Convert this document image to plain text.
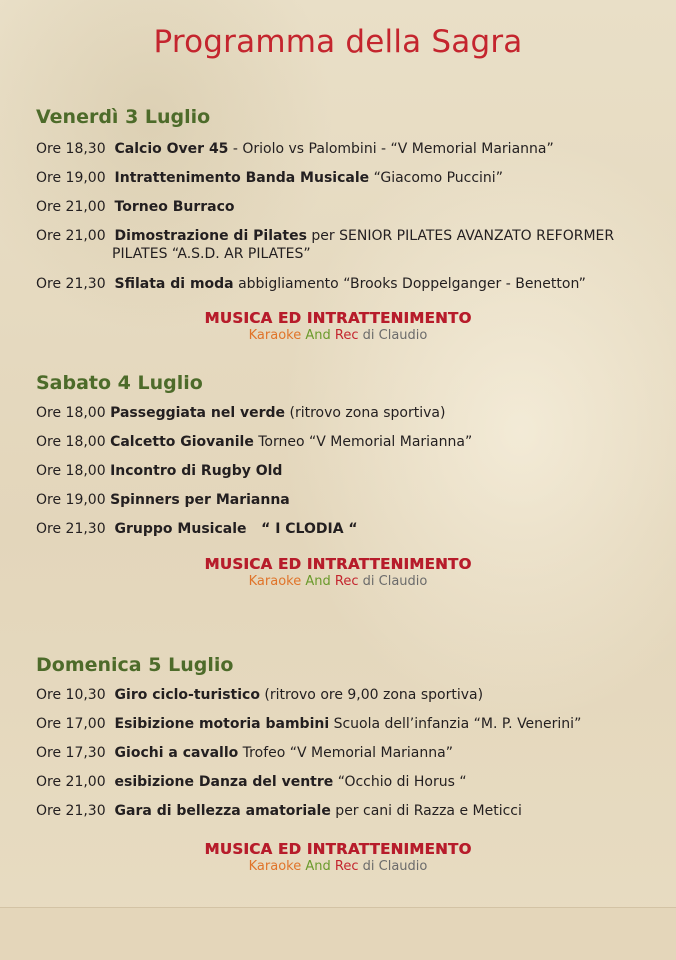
Programma della Sagra
Venerdì 3 Luglio
Ore 18,30 Calcio Over 45 - Oriolo vs Palombini - “V Memorial Marianna”
Ore 19,00 Intrattenimento Banda Musicale “Giacomo Puccini”
Ore 21,00 Torneo Burraco
Ore 21,00 Dimostrazione di Pilates per SENIOR PILATES AVANZATO REFORMER
PILATES “A.S.D. AR PILATES”
Ore 21,30 Sfilata di moda abbigliamento “Brooks Doppelganger - Benetton”
MUSICA ED INTRATTENIMENTO
Karaoke And Rec di Claudio
Sabato 4 Luglio
Ore 18,00 Passeggiata nel verde (ritrovo zona sportiva)
Ore 18,00 Calcetto Giovanile Torneo “V Memorial Marianna”
Ore 18,00 Incontro di Rugby Old
Ore 19,00 Spinners per Marianna
Ore 21,30 Gruppo Musicale   “ I CLODIA “
MUSICA ED INTRATTENIMENTO
Karaoke And Rec di Claudio
Domenica 5 Luglio
Ore 10,30 Giro ciclo-turistico (ritrovo ore 9,00 zona sportiva)
Ore 17,00 Esibizione motoria bambini Scuola dell’infanzia “M. P. Venerini”
Ore 17,30 Giochi a cavallo Trofeo “V Memorial Marianna”
Ore 21,00 esibizione Danza del ventre “Occhio di Horus “
Ore 21,30 Gara di bellezza amatoriale per cani di Razza e Meticci
MUSICA ED INTRATTENIMENTO
Karaoke And Rec di Claudio
